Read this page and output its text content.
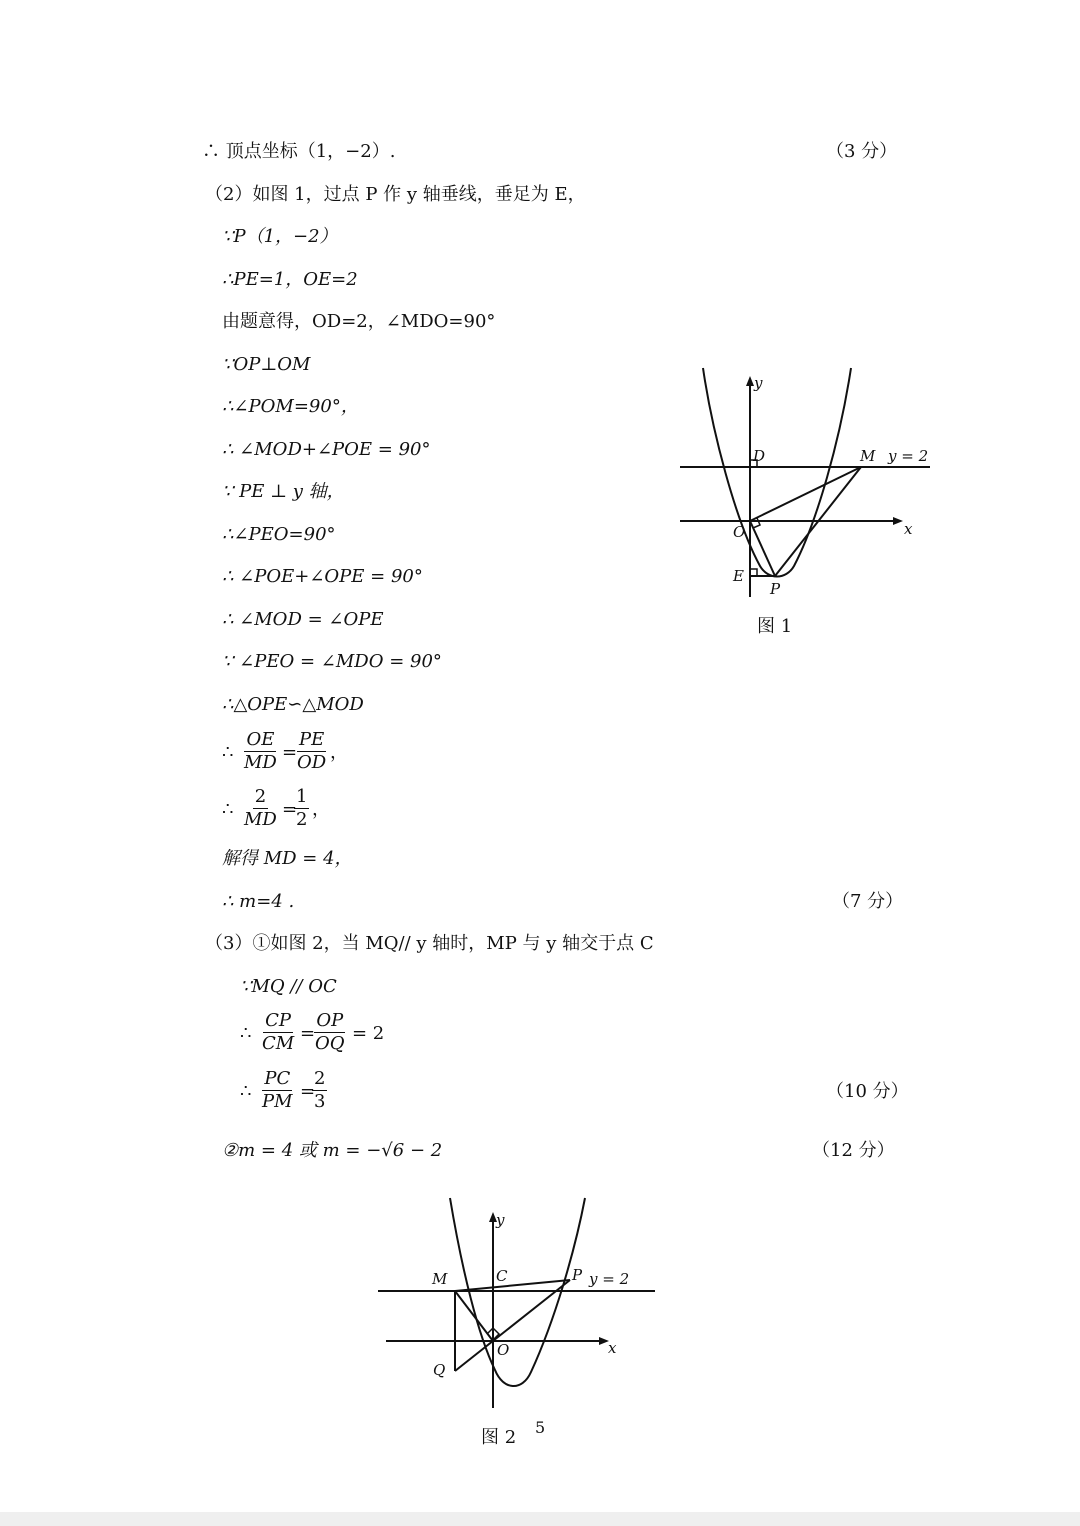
∴ 顶点坐标（1，−2）.	（3 分）
（2）如图 1，过点 P 作 y 轴垂线，垂足为 E，
∵P（1，−2）
∴PE=1，OE=2
由题意得，OD=2，∠MDO=90°
∵OP⊥OM
∴∠POM=90°，
∴ ∠MOD+∠POE = 90°
∵ PE ⊥ y 轴，
∴∠PEO=90°
∴ ∠POE+∠OPE = 90°
∴ ∠MOD = ∠OPE
∵ ∠PEO = ∠MDO = 90°
∴△OPE∽△MOD
∴ $\frac{OE}{MD}$ =
$\frac{PE}{OD}$ ，
∴ $\frac{2}{MD}$ =
$\frac{1}{2}$ ，
解得 MD = 4，
∴ m=4 .	（7 分）
（3）①如图 2，当 MQ// y 轴时，MP 与 y 轴交于点 C
∵MQ // OC
∴ $\frac{CP}{CM}$ =
$\frac{OP}{OQ} = 2$
∴ $\frac{PC}{PM}$ =
$\frac{2}{3}$	（10 分）
②m = 4 或 m = −√6 − 2	（12 分）
y
x
D	M y = 2
O
E
P
图 1
y
x
M	C	P y = 2
O
Q
图 2 5
